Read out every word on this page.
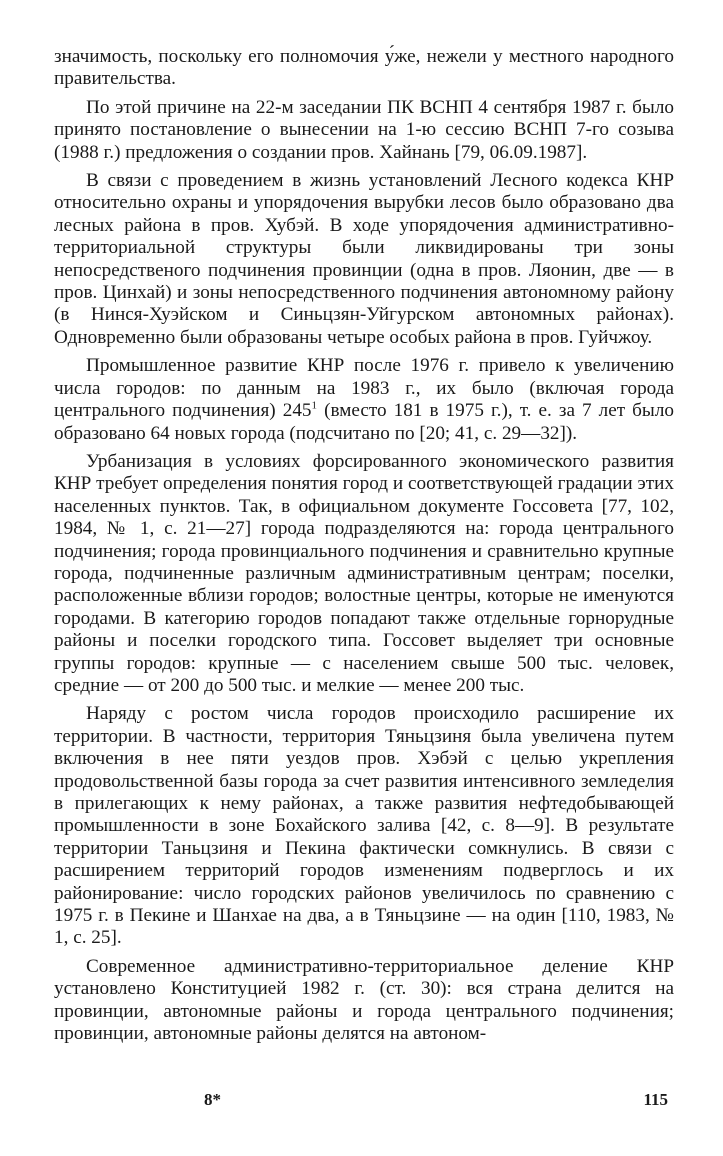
значимость, поскольку его полномочия у́же, нежели у местного народного правительства.

По этой причине на 22-м заседании ПК ВСНП 4 сентября 1987 г. было принято постановление о вынесении на 1-ю сессию ВСНП 7-го созыва (1988 г.) предложения о создании пров. Хайнань [79, 06.09.1987].

В связи с проведением в жизнь установлений Лесного кодекса КНР относительно охраны и упорядочения вырубки лесов было образовано два лесных района в пров. Хубэй. В ходе упорядочения административно-территориальной структуры были ликвидированы три зоны непосредственого подчинения провинции (одна в пров. Ляонин, две — в пров. Цинхай) и зоны непосредственного подчинения автономному району (в Нинся-Хуэйском и Синьцзян-Уйгурском автономных районах). Одновременно были образованы четыре особых района в пров. Гуйчжоу.

Промышленное развитие КНР после 1976 г. привело к увеличению числа городов: по данным на 1983 г., их было (включая города центрального подчинения) $245^1$ (вместо 181 в 1975 г.), т. е. за 7 лет было образовано 64 новых города (подсчитано по [20; 41, с. 29—32]).

Урбанизация в условиях форсированного экономического развития КНР требует определения понятия город и соответствующей градации этих населенных пунктов. Так, в официальном документе Госсовета [77, 102, 1984, № 1, с. 21—27] города подразделяются на: города центрального подчинения; города провинциального подчинения и сравнительно крупные города, подчиненные различным административным центрам; поселки, расположенные вблизи городов; волостные центры, которые не именуются городами. В категорию городов попадают также отдельные горнорудные районы и поселки городского типа. Госсовет выделяет три основные группы городов: крупные — с населением свыше 500 тыс. человек, средние — от 200 до 500 тыс. и мелкие — менее 200 тыс.

Наряду с ростом числа городов происходило расширение их территории. В частности, территория Тяньцзиня была увеличена путем включения в нее пяти уездов пров. Хэбэй с целью укрепления продовольственной базы города за счет развития интенсивного земледелия в прилегающих к нему районах, а также развития нефтедобывающей промышленности в зоне Бохайского залива [42, с. 8—9]. В результате территории Таньцзиня и Пекина фактически сомкнулись. В связи с расширением территорий городов изменениям подверглось и их районирование: число городских районов увеличилось по сравнению с 1975 г. в Пекине и Шанхае на два, а в Тяньцзине — на один [110, 1983, № 1, с. 25].

Современное административно-территориальное деление КНР установлено Конституцией 1982 г. (ст. 30): вся страна делится на провинции, автономные районы и города центрального подчинения; провинции, автономные районы делятся на автоном-

8*	115
